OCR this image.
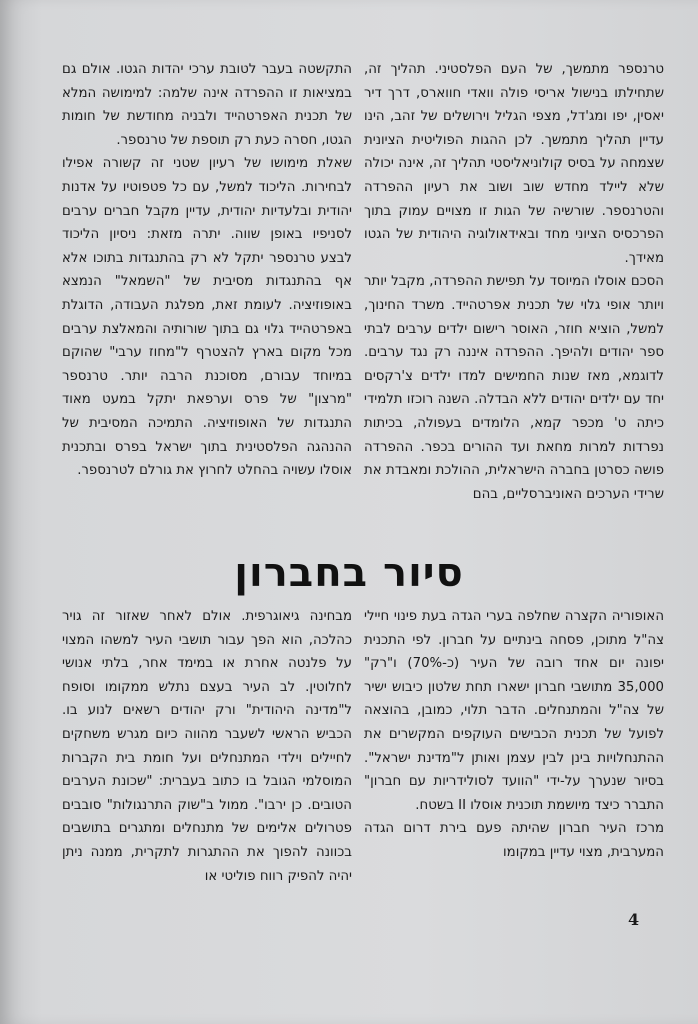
טרנספר מתמשך, של העם הפלסטיני. תהליך זה, שתחילתו בנישול אריסי פולה וואדי חווארס, דרך דיר יאסין, יפו ומג'דל, מצפי הגליל וירושלים של זהב, הינו עדיין תהליך מתמשך. לכן ההגות הפוליטית הציונית שצמחה על בסיס קולוניאליסטי תהליך זה, אינה יכולה שלא ליילד מחדש שוב ושוב את רעיון ההפרדה והטרנספר. שורשיה של הגות זו מצויים עמוק בתוך הפרכסיס הציוני מחד ובאידאולוגיה היהודית של הגטו מאידך.

הסכם אוסלו המיוסד על תפישת ההפרדה, מקבל יותר ויותר אופי גלוי של תכנית אפרטהייד. משרד החינוך, למשל, הוציא חוזר, האוסר רישום ילדים ערבים לבתי ספר יהודים ולהיפך. ההפרדה איננה רק נגד ערבים. לדוגמא, מאז שנות החמישים למדו ילדים צ'רקסים יחד עם ילדים יהודים ללא הבדלה. השנה רוכזו תלמידי כיתה ט' מכפר קמא, הלומדים בעפולה, בכיתות נפרדות למרות מחאת ועד ההורים בכפר. ההפרדה פושה כסרטן בחברה הישראלית, ההולכת ומאבדת את שרידי הערכים האוניברסליים, בהם

התקשטה בעבר לטובת ערכי יהדות הגטו. אולם גם במציאות זו ההפרדה אינה שלמה: למימושה המלא של תכנית האפרטהייד ולבניה מחודשת של חומות הגטו, חסרה כעת רק תוספת של טרנספר.

שאלת מימושו של רעיון שטני זה קשורה אפילו לבחירות. הליכוד למשל, עם כל פטפוטיו על אדנות יהודית ובלעדיות יהודית, עדיין מקבל חברים ערבים לסניפיו באופן שווה. יתרה מזאת: ניסיון הליכוד לבצע טרנספר יתקל לא רק בהתנגדות בתוכו אלא אף בהתנגדות מסיבית של "השמאל" הנמצא באופוזיציה. לעומת זאת, מפלגת העבודה, הדוגלת באפרטהייד גלוי גם בתוך שורותיה והמאלצת ערבים מכל מקום בארץ להצטרף ל"מחוז ערבי" שהוקם במיוחד עבורם, מסוכנת הרבה יותר. טרנספר "מרצון" של פרס וערפאת יתקל במעט מאוד התנגדות של האופוזיציה. התמיכה המסיבית של ההנהגה הפלסטינית בתוך ישראל בפרס ובתכנית אוסלו עשויה בהחלט לחרוץ את גורלם לטרנספר.

סיור בחברון

האופוריה הקצרה שחלפה בערי הגדה בעת פינוי חיילי צה"ל מתוכן, פסחה בינתיים על חברון. לפי התכנית יפונה יום אחד רובה של העיר (כ-70%) ו"רק" 35,000 מתושבי חברון ישארו תחת שלטון כיבוש ישיר של צה"ל והמתנחלים. הדבר תלוי, כמובן, בהוצאה לפועל של תכנית הכבישים העוקפים המקשרים את ההתנחלויות בינן לבין עצמן ואותן ל"מדינת ישראל". בסיור שנערך על-ידי "הוועד לסולידריות עם חברון" התברר כיצד מיושמת תוכנית אוסלו II בשטח.

מרכז העיר חברון שהיתה פעם בירת דרום הגדה המערבית, מצוי עדיין במקומו

מבחינה גיאוגרפית. אולם לאחר שאזור זה גויר כהלכה, הוא הפך עבור תושבי העיר למשהו המצוי על פלנטה אחרת או במימד אחר, בלתי אנושי לחלוטין. לב העיר בעצם נתלש ממקומו וסופח ל"מדינה היהודית" ורק יהודים רשאים לנוע בו. הכביש הראשי לשעבר מהווה כיום מגרש משחקים לחיילים וילדי המתנחלים ועל חומת בית הקברות המוסלמי הגובל בו כתוב בעברית: "שכונת הערבים הטובים. כן ירבו". ממול ב"שוק התרנגולות" סובבים פטרולים אלימים של מתנחלים ומתגרים בתושבים בכוונה להפוך את ההתגרות לתקרית, ממנה ניתן יהיה להפיק רווח פוליטי או

4
